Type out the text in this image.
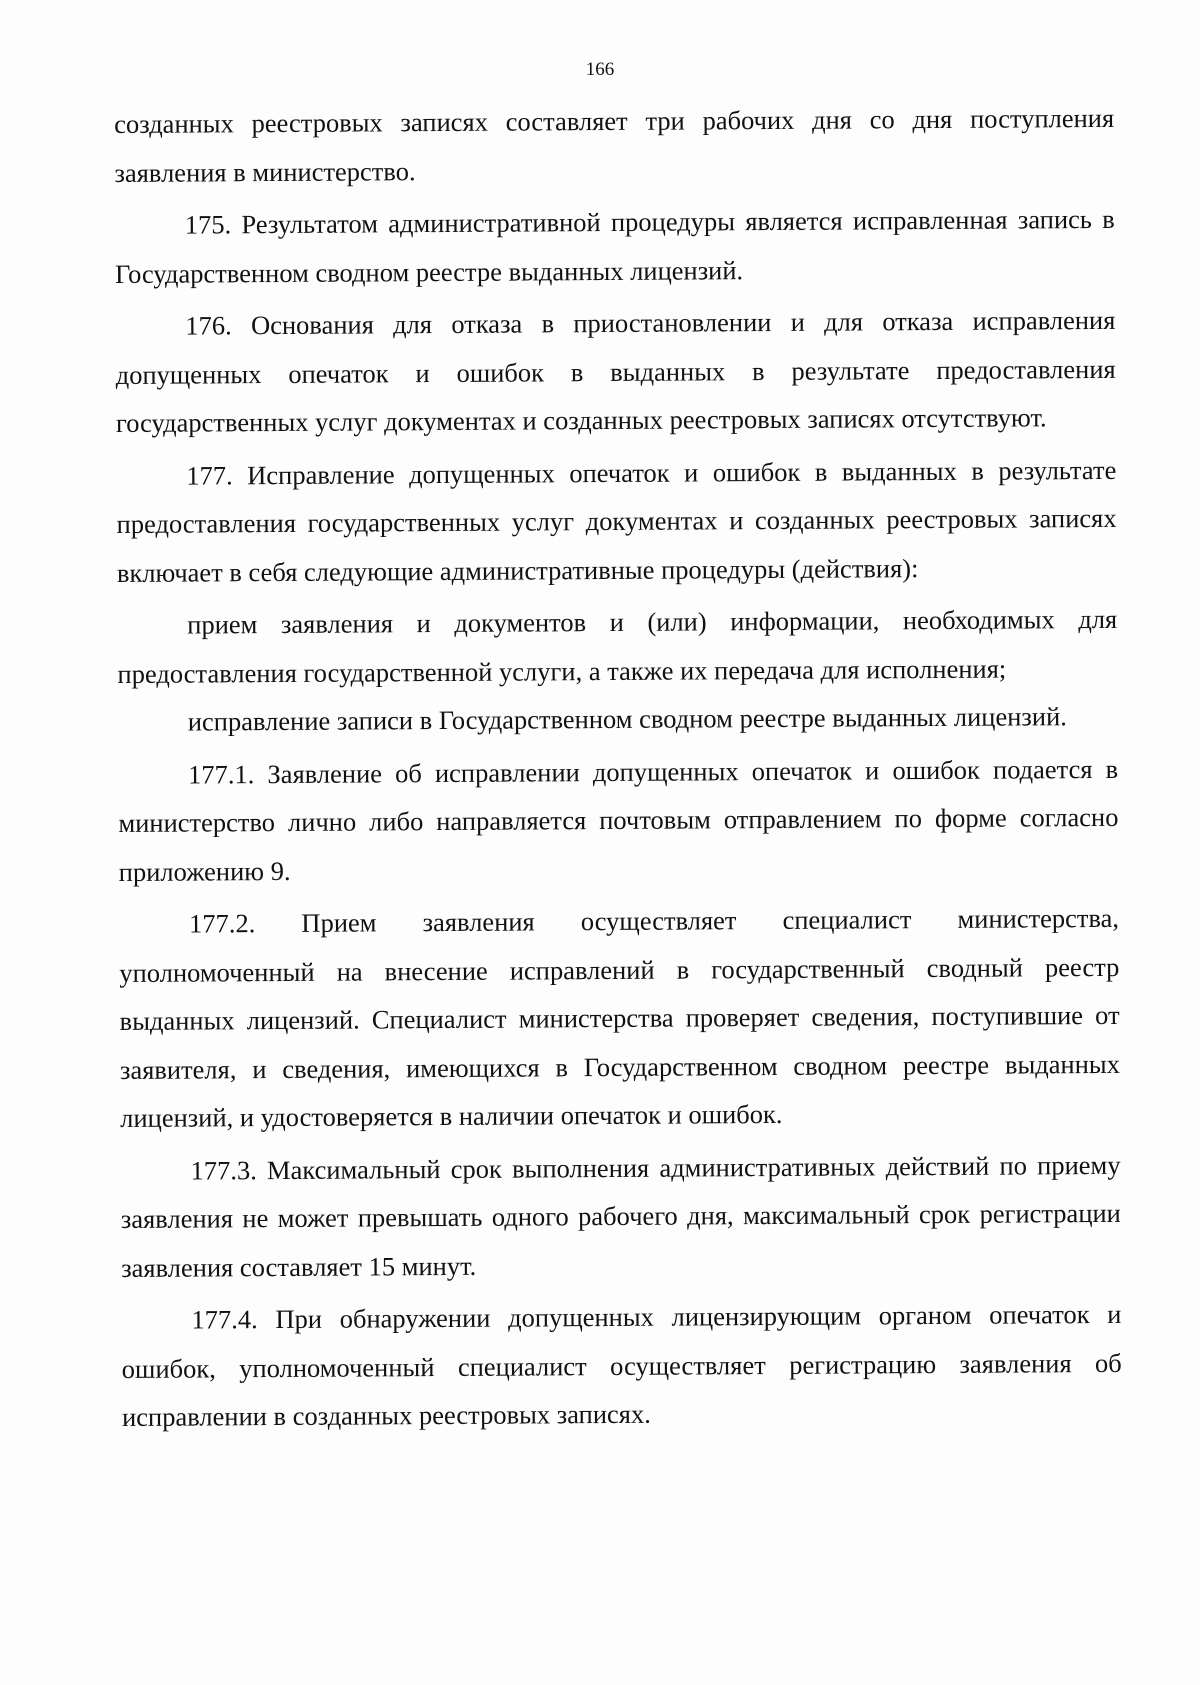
166

созданных реестровых записях составляет три рабочих дня со дня поступления заявления в министерство.

175. Результатом административной процедуры является исправленная запись в Государственном сводном реестре выданных лицензий.

176. Основания для отказа в приостановлении и для отказа исправления допущенных опечаток и ошибок в выданных в результате предоставления государственных услуг документах и созданных реестровых записях отсутствуют.

177. Исправление допущенных опечаток и ошибок в выданных в результате предоставления государственных услуг документах и созданных реестровых записях включает в себя следующие административные процедуры (действия):

прием заявления и документов и (или) информации, необходимых для предоставления государственной услуги, а также их передача для исполнения;

исправление записи в Государственном сводном реестре выданных лицензий.

177.1. Заявление об исправлении допущенных опечаток и ошибок подается в министерство лично либо направляется почтовым отправлением по форме согласно приложению 9.

177.2. Прием заявления осуществляет специалист министерства, уполномоченный на внесение исправлений в государственный сводный реестр выданных лицензий. Специалист министерства проверяет сведения, поступившие от заявителя, и сведения, имеющихся в Государственном сводном реестре выданных лицензий, и удостоверяется в наличии опечаток и ошибок.

177.3. Максимальный срок выполнения административных действий по приему заявления не может превышать одного рабочего дня, максимальный срок регистрации заявления составляет 15 минут.

177.4. При обнаружении допущенных лицензирующим органом опечаток и ошибок, уполномоченный специалист осуществляет регистрацию заявления об исправлении в созданных реестровых записях.
